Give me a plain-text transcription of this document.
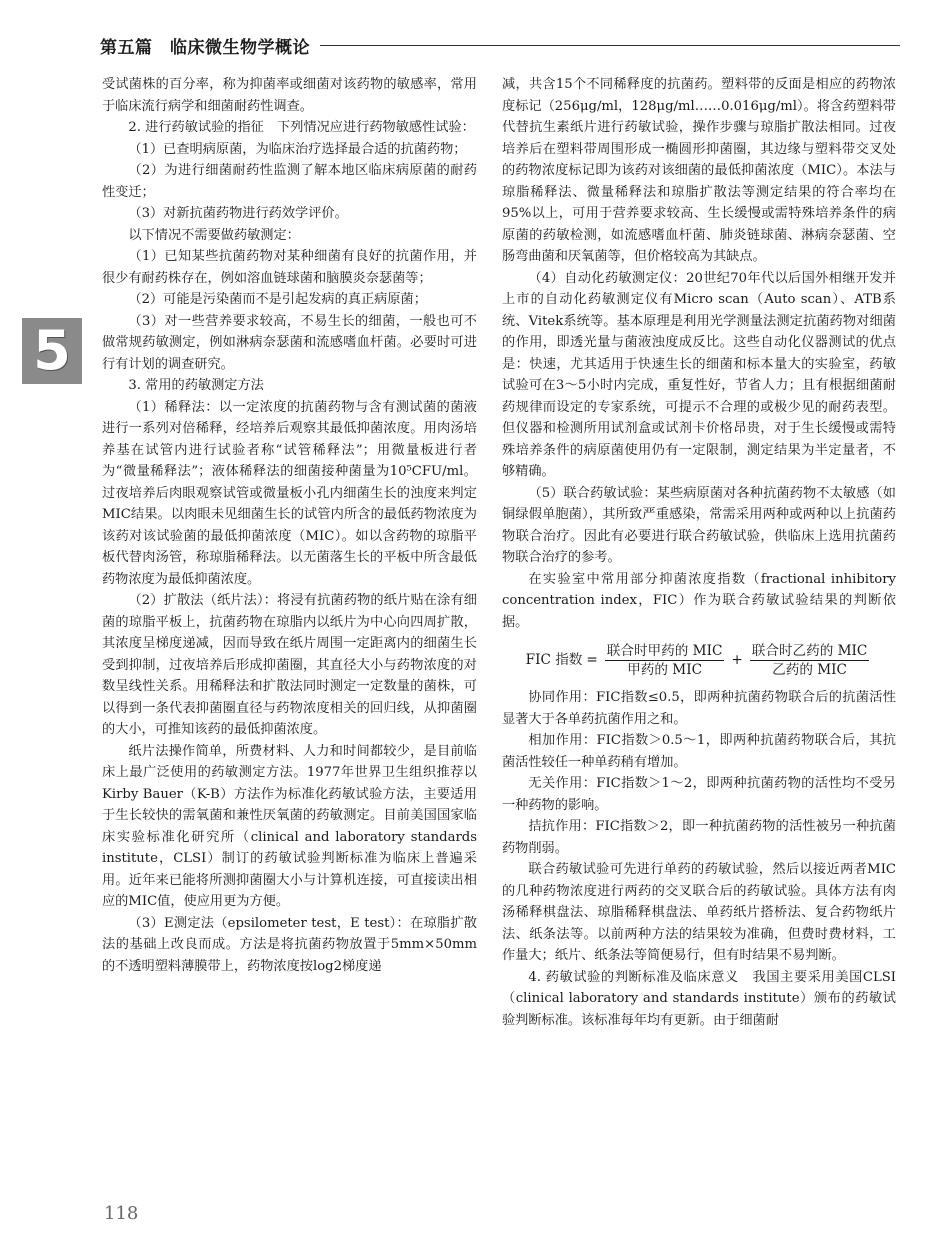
第五篇　临床微生物学概论
5

受试菌株的百分率，称为抑菌率或细菌对该药物的敏感率，常用于临床流行病学和细菌耐药性调查。

2. 进行药敏试验的指征　下列情况应进行药物敏感性试验：

（1）已查明病原菌，为临床治疗选择最合适的抗菌药物；

（2）为进行细菌耐药性监测了解本地区临床病原菌的耐药性变迁；

（3）对新抗菌药物进行药效学评价。

以下情况不需要做药敏测定：

（1）已知某些抗菌药物对某种细菌有良好的抗菌作用，并很少有耐药株存在，例如溶血链球菌和脑膜炎奈瑟菌等；

（2）可能是污染菌而不是引起发病的真正病原菌；

（3）对一些营养要求较高，不易生长的细菌，一般也可不做常规药敏测定，例如淋病奈瑟菌和流感嗜血杆菌。必要时可进行有计划的调查研究。

3. 常用的药敏测定方法

（1）稀释法：以一定浓度的抗菌药物与含有测试菌的菌液进行一系列对倍稀释，经培养后观察其最低抑菌浓度。用肉汤培养基在试管内进行试验者称“试管稀释法”；用微量板进行者为“微量稀释法”；液体稀释法的细菌接种菌量为10⁵CFU/ml。过夜培养后肉眼观察试管或微量板小孔内细菌生长的浊度来判定MIC结果。以肉眼未见细菌生长的试管内所含的最低药物浓度为该药对该试验菌的最低抑菌浓度（MIC）。如以含药物的琼脂平板代替肉汤管，称琼脂稀释法。以无菌落生长的平板中所含最低药物浓度为最低抑菌浓度。

（2）扩散法（纸片法）：将浸有抗菌药物的纸片贴在涂有细菌的琼脂平板上，抗菌药物在琼脂内以纸片为中心向四周扩散，其浓度呈梯度递减，因而导致在纸片周围一定距离内的细菌生长受到抑制，过夜培养后形成抑菌圈，其直径大小与药物浓度的对数呈线性关系。用稀释法和扩散法同时测定一定数量的菌株，可以得到一条代表抑菌圈直径与药物浓度相关的回归线，从抑菌圈的大小，可推知该药的最低抑菌浓度。

纸片法操作简单，所费材料、人力和时间都较少，是目前临床上最广泛使用的药敏测定方法。1977年世界卫生组织推荐以Kirby Bauer（K-B）方法作为标准化药敏试验方法，主要适用于生长较快的需氧菌和兼性厌氧菌的药敏测定。目前美国国家临床实验标准化研究所（clinical and laboratory standards institute，CLSI）制订的药敏试验判断标准为临床上普遍采用。近年来已能将所测抑菌圈大小与计算机连接，可直接读出相应的MIC值，使应用更为方便。

（3）E测定法（epsilometer test，E test）：在琼脂扩散法的基础上改良而成。方法是将抗菌药物放置于5mm×50mm的不透明塑料薄膜带上，药物浓度按log2梯度递

减，共含15个不同稀释度的抗菌药。塑料带的反面是相应的药物浓度标记（256μg/ml，128μg/ml……0.016μg/ml）。将含药塑料带代替抗生素纸片进行药敏试验，操作步骤与琼脂扩散法相同。过夜培养后在塑料带周围形成一椭圆形抑菌圈，其边缘与塑料带交叉处的药物浓度标记即为该药对该细菌的最低抑菌浓度（MIC）。本法与琼脂稀释法、微量稀释法和琼脂扩散法等测定结果的符合率均在95%以上，可用于营养要求较高、生长缓慢或需特殊培养条件的病原菌的药敏检测，如流感嗜血杆菌、肺炎链球菌、淋病奈瑟菌、空肠弯曲菌和厌氧菌等，但价格较高为其缺点。

（4）自动化药敏测定仪：20世纪70年代以后国外相继开发并上市的自动化药敏测定仪有Micro scan（Auto scan）、ATB系统、Vitek系统等。基本原理是利用光学测量法测定抗菌药物对细菌的作用，即透光量与菌液浊度成反比。这些自动化仪器测试的优点是：快速，尤其适用于快速生长的细菌和标本量大的实验室，药敏试验可在3～5小时内完成，重复性好，节省人力；且有根据细菌耐药规律而设定的专家系统，可提示不合理的或极少见的耐药表型。但仪器和检测所用试剂盒或试剂卡价格昂贵，对于生长缓慢或需特殊培养条件的病原菌使用仍有一定限制，测定结果为半定量者，不够精确。

（5）联合药敏试验：某些病原菌对各种抗菌药物不太敏感（如铜绿假单胞菌），其所致严重感染，常需采用两种或两种以上抗菌药物联合治疗。因此有必要进行联合药敏试验，供临床上选用抗菌药物联合治疗的参考。

在实验室中常用部分抑菌浓度指数（fractional inhibitory concentration index，FIC）作为联合药敏试验结果的判断依据。

FIC 指数 = $\frac{\text{联合时甲药的 MIC}}{\text{甲药的 MIC}} + \frac{\text{联合时乙药的 MIC}}{\text{乙药的 MIC}}$

协同作用：FIC指数≤0.5，即两种抗菌药物联合后的抗菌活性显著大于各单药抗菌作用之和。

相加作用：FIC指数＞0.5～1，即两种抗菌药物联合后，其抗菌活性较任一种单药稍有增加。

无关作用：FIC指数＞1～2，即两种抗菌药物的活性均不受另一种药物的影响。

拮抗作用：FIC指数＞2，即一种抗菌药物的活性被另一种抗菌药物削弱。

联合药敏试验可先进行单药的药敏试验，然后以接近两者MIC的几种药物浓度进行两药的交叉联合后的药敏试验。具体方法有肉汤稀释棋盘法、琼脂稀释棋盘法、单药纸片搭桥法、复合药物纸片法、纸条法等。以前两种方法的结果较为准确，但费时费材料，工作量大；纸片、纸条法等简便易行，但有时结果不易判断。

4. 药敏试验的判断标准及临床意义　我国主要采用美国CLSI（clinical laboratory and standards institute）颁布的药敏试验判断标准。该标准每年均有更新。由于细菌耐

118
